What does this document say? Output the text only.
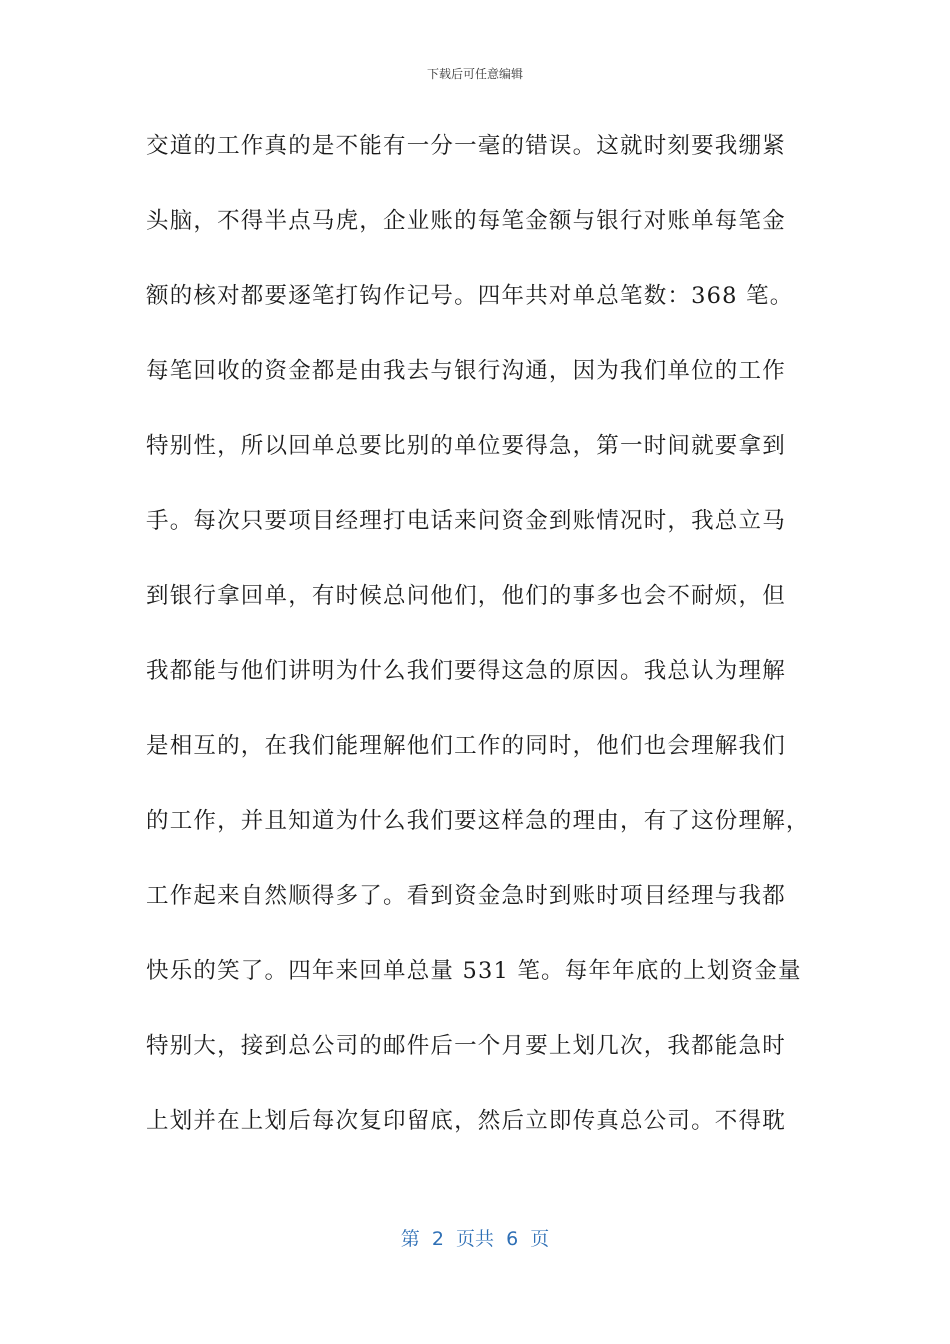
下载后可任意编辑
交道的工作真的是不能有一分一毫的错误。这就时刻要我绷紧
头脑，不得半点马虎，企业账的每笔金额与银行对账单每笔金
额的核对都要逐笔打钩作记号。四年共对单总笔数：368 笔。
每笔回收的资金都是由我去与银行沟通，因为我们单位的工作
特别性，所以回单总要比别的单位要得急，第一时间就要拿到
手。每次只要项目经理打电话来问资金到账情况时，我总立马
到银行拿回单，有时候总问他们，他们的事多也会不耐烦，但
我都能与他们讲明为什么我们要得这急的原因。我总认为理解
是相互的，在我们能理解他们工作的同时，他们也会理解我们
的工作，并且知道为什么我们要这样急的理由，有了这份理解，
工作起来自然顺得多了。看到资金急时到账时项目经理与我都
快乐的笑了。四年来回单总量 531 笔。每年年底的上划资金量
特别大，接到总公司的邮件后一个月要上划几次，我都能急时
上划并在上划后每次复印留底，然后立即传真总公司。不得耽
第  2  页共  6  页
